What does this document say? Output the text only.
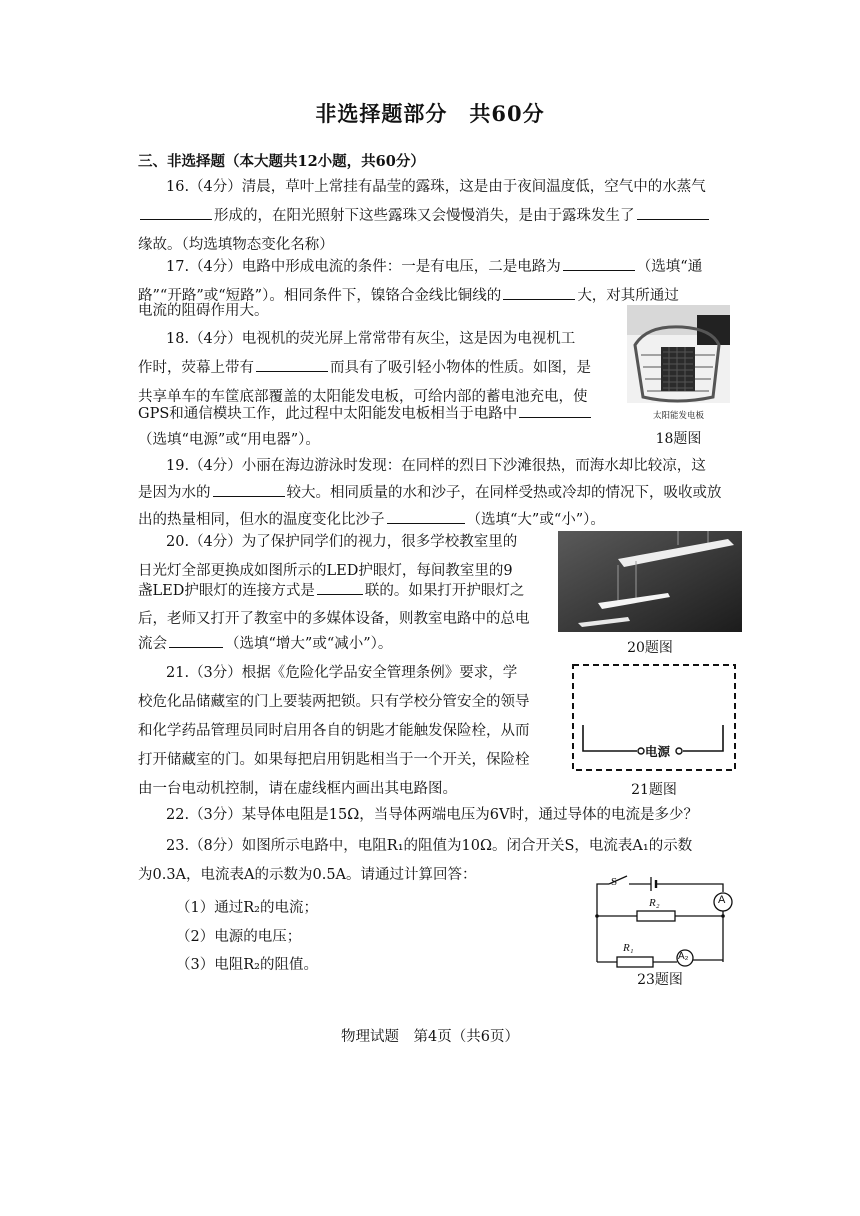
非选择题部分 共60分
三、非选择题（本大题共12小题，共60分）
16.（4分）清晨，草叶上常挂有晶莹的露珠，这是由于夜间温度低，空气中的水蒸气
形成的，在阳光照射下这些露珠又会慢慢消失，是由于露珠发生了
缘故。（均选填物态变化名称）
17.（4分）电路中形成电流的条件：一是有电压，二是电路为	（选填“通
路”“开路”或“短路”）。相同条件下，镍铬合金线比铜线的	大，对其所通过
电流的阻碍作用大。
18.（4分）电视机的荧光屏上常常带有灰尘，这是因为电视机工
作时，荧幕上带有	而具有了吸引轻小物体的性质。如图，是
共享单车的车筐底部覆盖的太阳能发电板，可给内部的蓄电池充电，使
GPS和通信模块工作，此过程中太阳能发电板相当于电路中
（选填“电源”或“用电器”）。
太阳能发电板
18题图
19.（4分）小丽在海边游泳时发现：在同样的烈日下沙滩很热，而海水却比较凉，这
是因为水的	较大。相同质量的水和沙子，在同样受热或冷却的情况下，吸收或放
出的热量相同，但水的温度变化比沙子	（选填“大”或“小”）。
20.（4分）为了保护同学们的视力，很多学校教室里的
日光灯全部更换成如图所示的LED护眼灯，每间教室里的9
盏LED护眼灯的连接方式是	联的。如果打开护眼灯之
后，老师又打开了教室中的多媒体设备，则教室电路中的总电
流会	（选填“增大”或“减小”）。	20题图
21.（3分）根据《危险化学品安全管理条例》要求，学
校危化品储藏室的门上要装两把锁。只有学校分管安全的领导
和化学药品管理员同时启用各自的钥匙才能触发保险栓，从而
打开储藏室的门。如果每把启用钥匙相当于一个开关，保险栓
由一台电动机控制，请在虚线框内画出其电路图。
电源
21题图
22.（3分）某导体电阻是15Ω，当导体两端电压为6V时，通过导体的电流是多少？
23.（8分）如图所示电路中，电阻R₁的阻值为10Ω。闭合开关S，电流表A₁的示数
为0.3A，电流表A的示数为0.5A。请通过计算回答：
（1）通过R₂的电流；
（2）电源的电压；
（3）电阻R₂的阻值。
S
A
R₂
R₁
A₂
23题图
物理试题　第4页（共6页）
